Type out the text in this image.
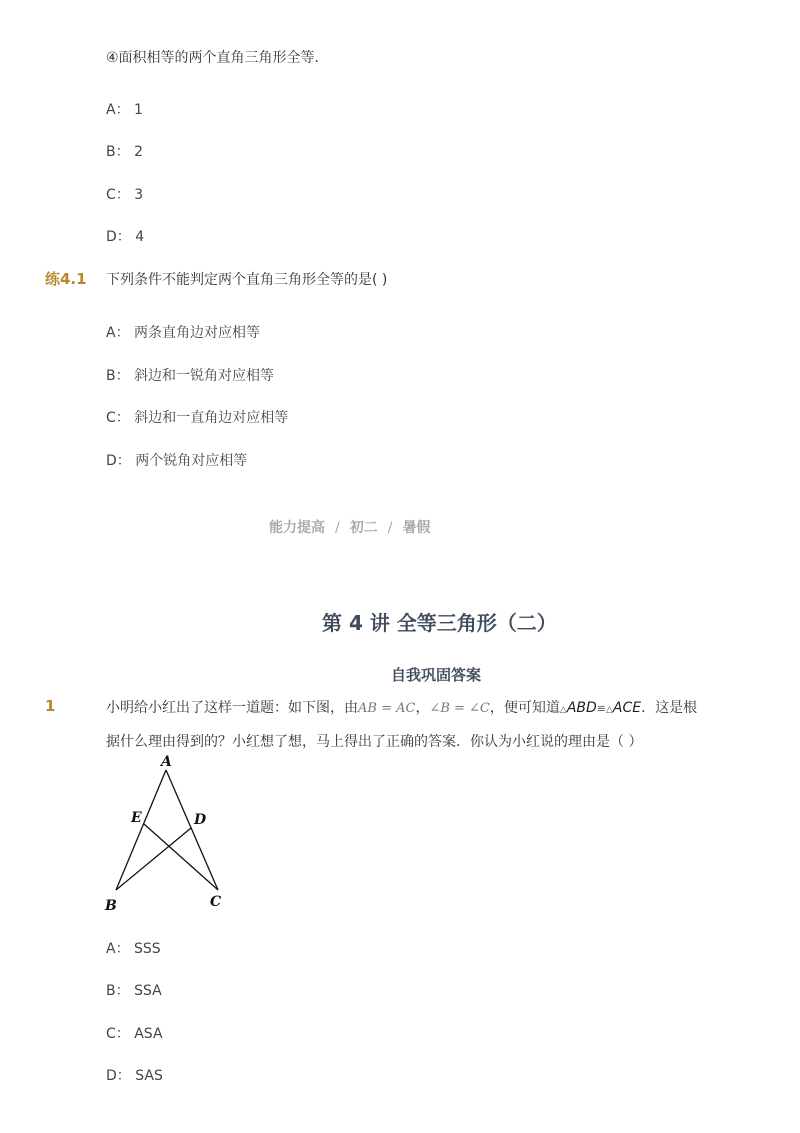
④面积相等的两个直角三角形全等．
A： 1
B： 2
C： 3
D： 4
练4.1 下列条件不能判定两个直角三角形全等的是( )
A： 两条直角边对应相等
B： 斜边和一锐角对应相等
C： 斜边和一直角边对应相等
D： 两个锐角对应相等
能力提高 / 初二 / 暑假
第 4 讲 全等三角形（二）
自我巩固答案
1	小明给小红出了这样一道题：如下图，由AB = AC，∠B = ∠C，便可知道△ABD≌△ACE．这是根
据什么理由得到的？小红想了想，马上得出了正确的答案．你认为小红说的理由是（ ）
A
B	C
D
E
A： SSS
B： SSA
C： ASA
D： SAS
